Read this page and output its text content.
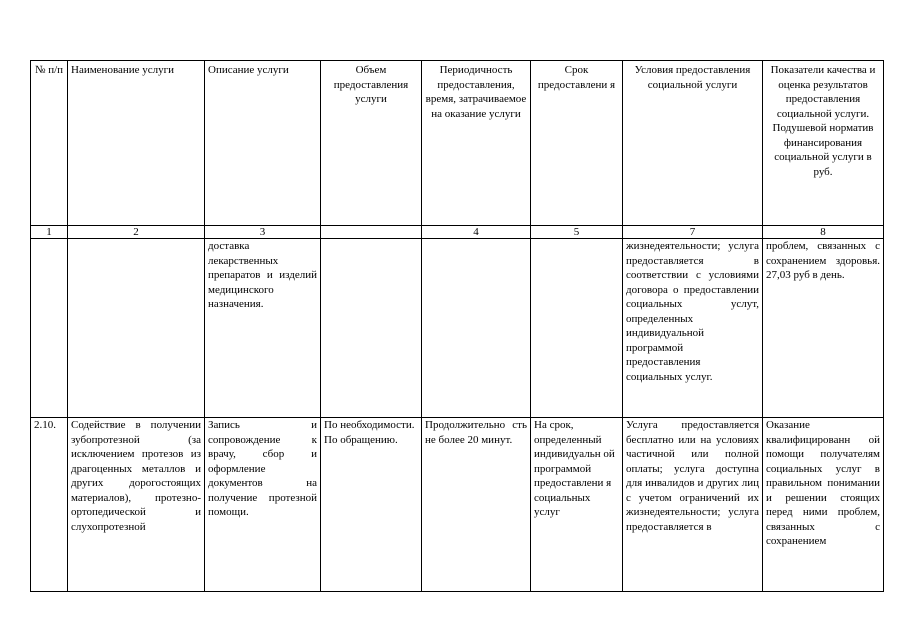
№ п/п	Наименование услуги	Описание услуги	Объем предоставления услуги	Периодичность предоставления, время, затрачиваемое на оказание услуги	Срок предоставлени я	Условия предоставления социальной услуги	Показатели качества и оценка результатов предоставления социальной услуги. Подушевой норматив финансирования социальной услуги в руб.
1	2	3		4	5	7	8
		доставка лекарственных препаратов и изделий медицинского назначения.				жизнедеятельности; услуга предоставляется в соответствии с условиями договора о предоставлении социальных услут, определенных индивидуальной программой предоставления социальных услуг.	проблем, связанных с сохранением здоровья. 27,03 руб в день.
2.10.	Содействие в получении зубопротезной (за исключением протезов из драгоценных металлов и других дорогостоящих материалов), протезно-ортопедической и слухопротезной	Запись и сопровождение к врачу, сбор и оформление документов на получение протезной помощи.	По необходимости. По обращению.	Продолжительно сть не более 20 минут.	На срок, определенный индивидуальн ой программой предоставлени я социальных услуг	Услуга предоставляется бесплатно или на условиях частичной или полной оплаты; услуга доступна для инвалидов и других лиц с учетом ограничений их жизнедеятельности; услуга предоставляется в	Оказание квалифицированн ой помощи получателям социальных услуг в правильном понимании и решении стоящих перед ними проблем, связанных с сохранением
